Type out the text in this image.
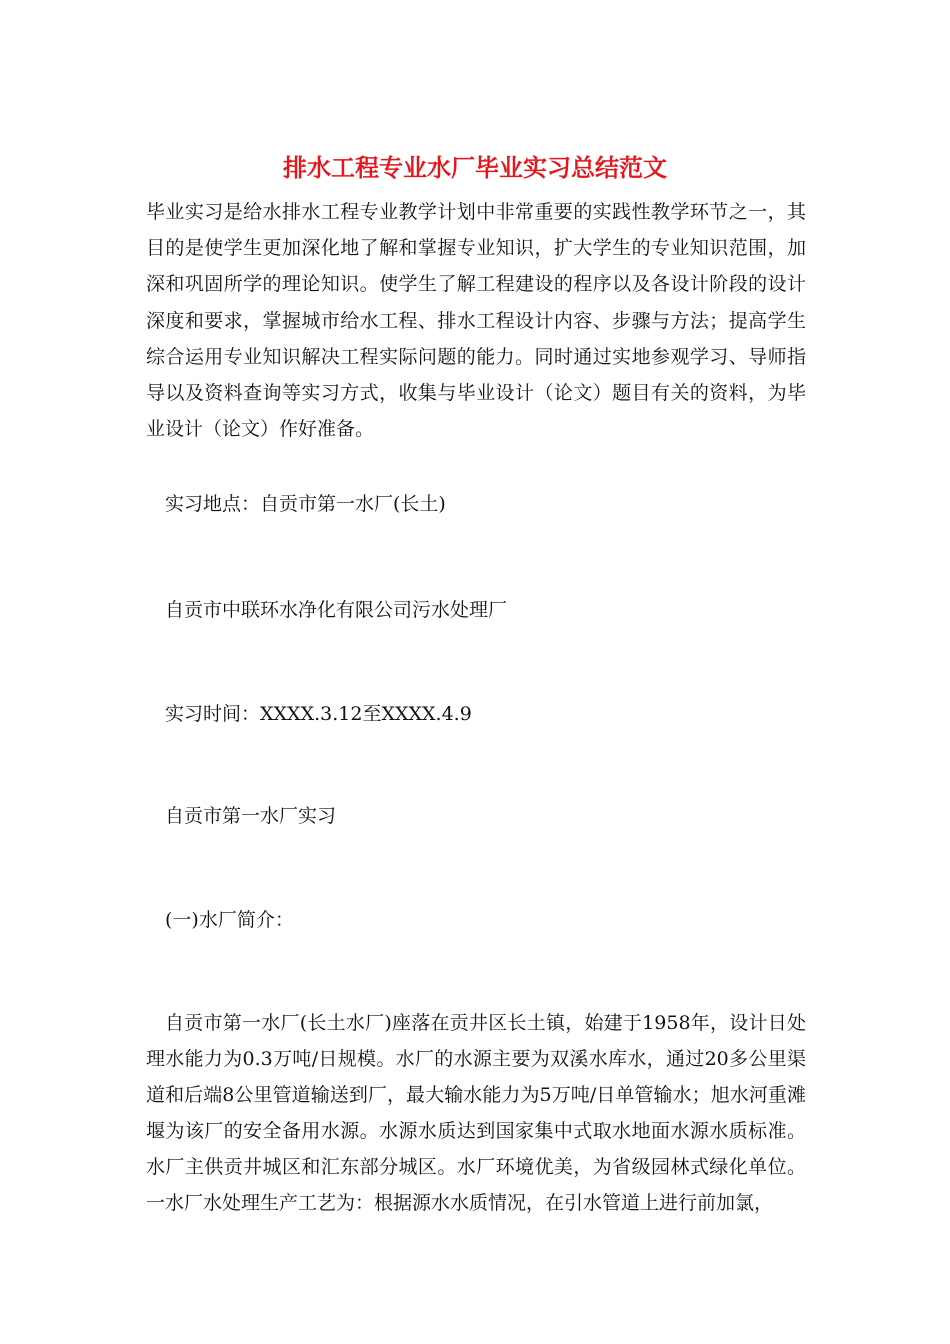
排水工程专业水厂毕业实习总结范文
毕业实习是给水排水工程专业教学计划中非常重要的实践性教学环节之一，其目的是使学生更加深化地了解和掌握专业知识，扩大学生的专业知识范围，加深和巩固所学的理论知识。使学生了解工程建设的程序以及各设计阶段的设计深度和要求，掌握城市给水工程、排水工程设计内容、步骤与方法；提高学生综合运用专业知识解决工程实际问题的能力。同时通过实地参观学习、导师指导以及资料查询等实习方式，收集与毕业设计（论文）题目有关的资料，为毕业设计（论文）作好准备。
实习地点：自贡市第一水厂(长土)
自贡市中联环水净化有限公司污水处理厂
实习时间：XXXX.3.12至XXXX.4.9
自贡市第一水厂实习
(一)水厂简介：
自贡市第一水厂(长土水厂)座落在贡井区长土镇，始建于1958年，设计日处理水能力为0.3万吨/日规模。水厂的水源主要为双溪水库水，通过20多公里渠道和后端8公里管道输送到厂，最大输水能力为5万吨/日单管输水；旭水河重滩堰为该厂的安全备用水源。水源水质达到国家集中式取水地面水源水质标准。水厂主供贡井城区和汇东部分城区。水厂环境优美，为省级园林式绿化单位。一水厂水处理生产工艺为：根据源水水质情况，在引水管道上进行前加氯，
